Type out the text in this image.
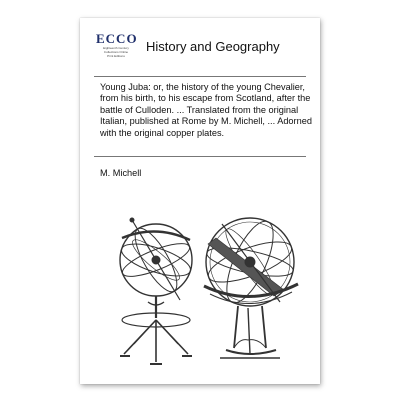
ECCO
Eighteenth Century
Collections Online
Print Editions
History and Geography
Young Juba: or, the history of the young Chevalier, from his birth, to his escape from Scotland, after the battle of Culloden. ... Translated from the original Italian, published at Rome by M. Michell, ... Adorned with the original copper plates.
M. Michell
